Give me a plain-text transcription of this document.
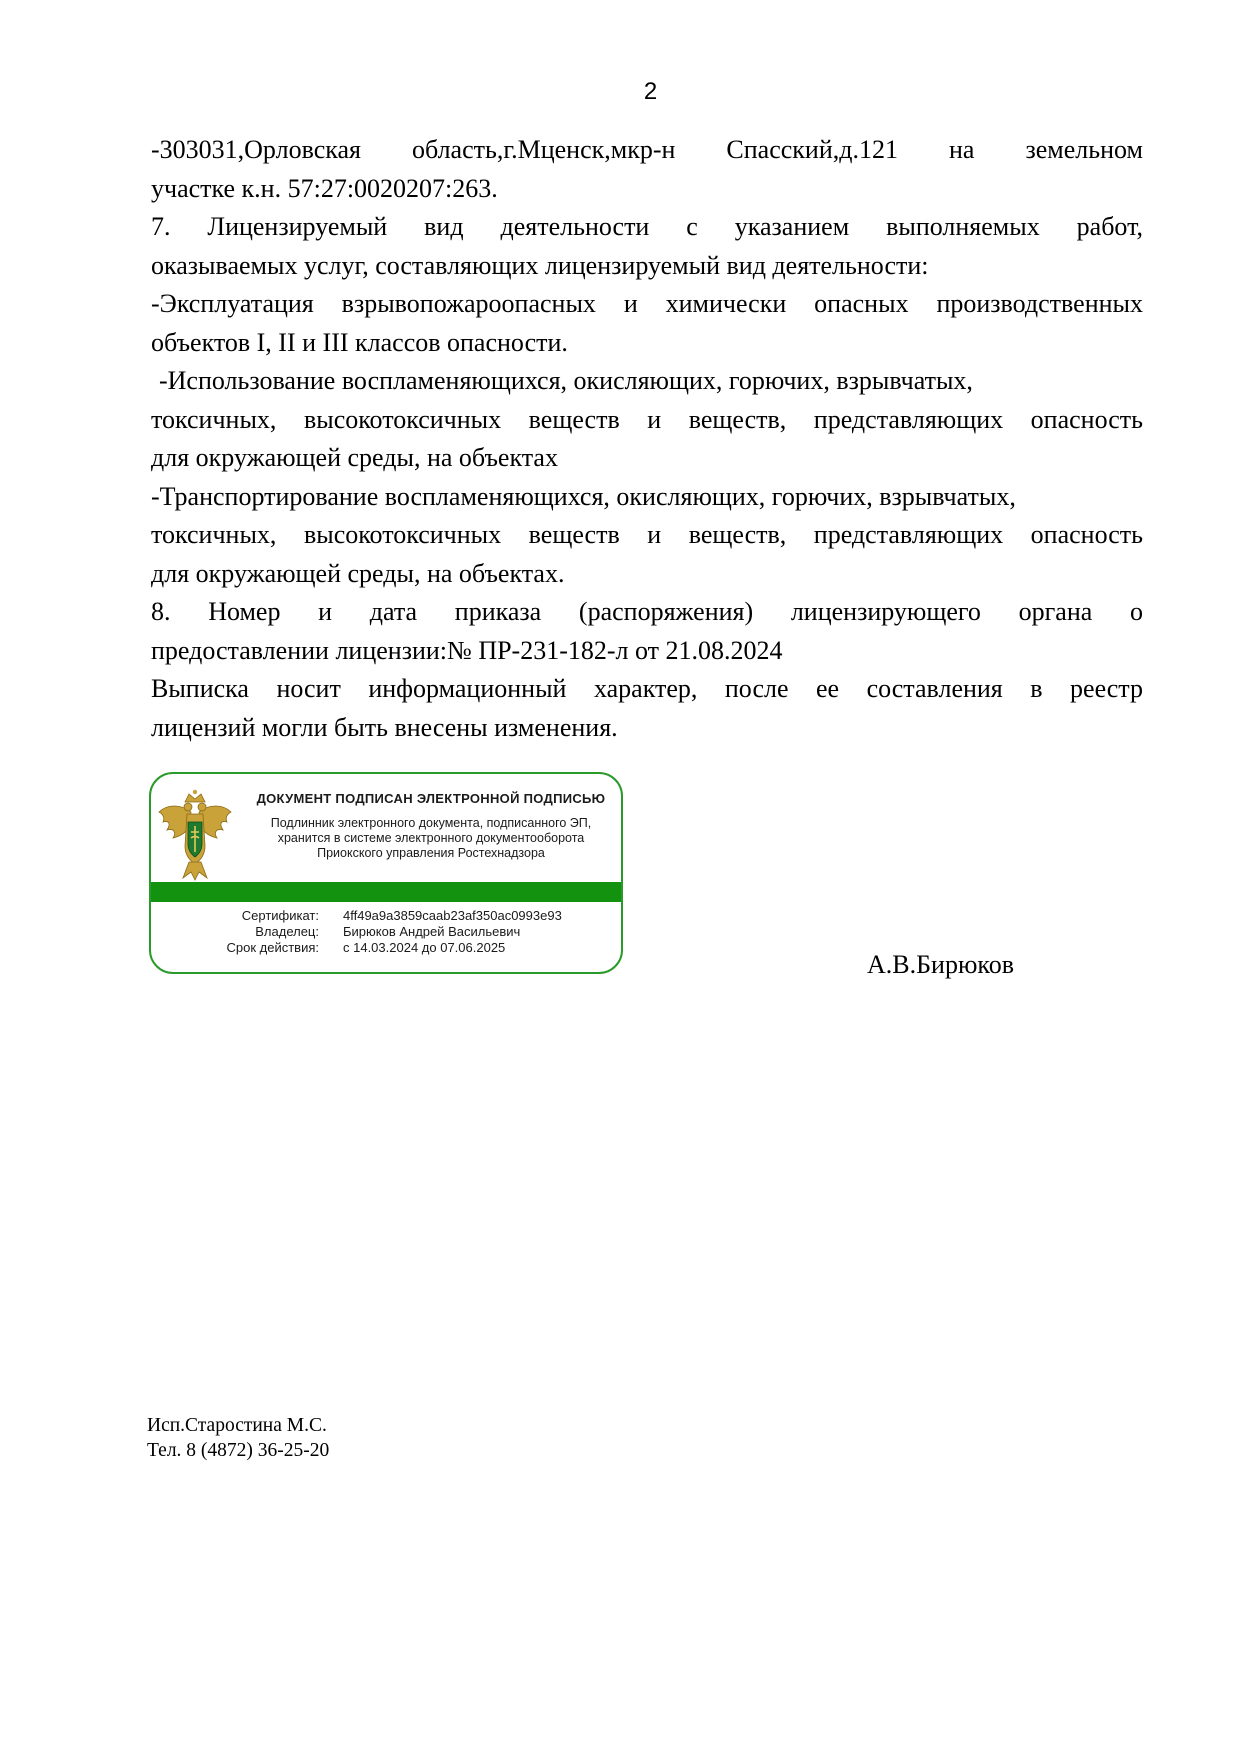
2

-303031,Орловская область,г.Мценск,мкр-н Спасский,д.121 на земельном
участке к.н. 57:27:0020207:263.

7. Лицензируемый вид деятельности с указанием выполняемых работ,
оказываемых услуг, составляющих лицензируемый вид деятельности:

-Эксплуатация взрывопожароопасных и химически опасных производственных
объектов I, II и III классов опасности.

-Использование воспламеняющихся, окисляющих, горючих, взрывчатых,
токсичных, высокотоксичных веществ и веществ, представляющих опасность
для окружающей среды, на объектах

-Транспортирование воспламеняющихся, окисляющих, горючих, взрывчатых,
токсичных, высокотоксичных веществ и веществ, представляющих опасность
для окружающей среды, на объектах.

8. Номер и дата приказа (распоряжения) лицензирующего органа о
предоставлении лицензии:№ ПР-231-182-л от 21.08.2024

Выписка носит информационный характер, после ее составления в реестр
лицензий могли быть внесены изменения.

ДОКУМЕНТ ПОДПИСАН ЭЛЕКТРОННОЙ ПОДПИСЬЮ
Подлинник электронного документа, подписанного ЭП,
хранится в системе электронного документооборота
Приокского управления Ростехнадзора
Сертификат: 4ff49a9a3859caab23af350ac0993e93
Владелец: Бирюков Андрей Васильевич
Срок действия: с 14.03.2024 до 07.06.2025
А.В.Бирюков
Исп.Старостина М.С.
Тел. 8 (4872) 36-25-20
